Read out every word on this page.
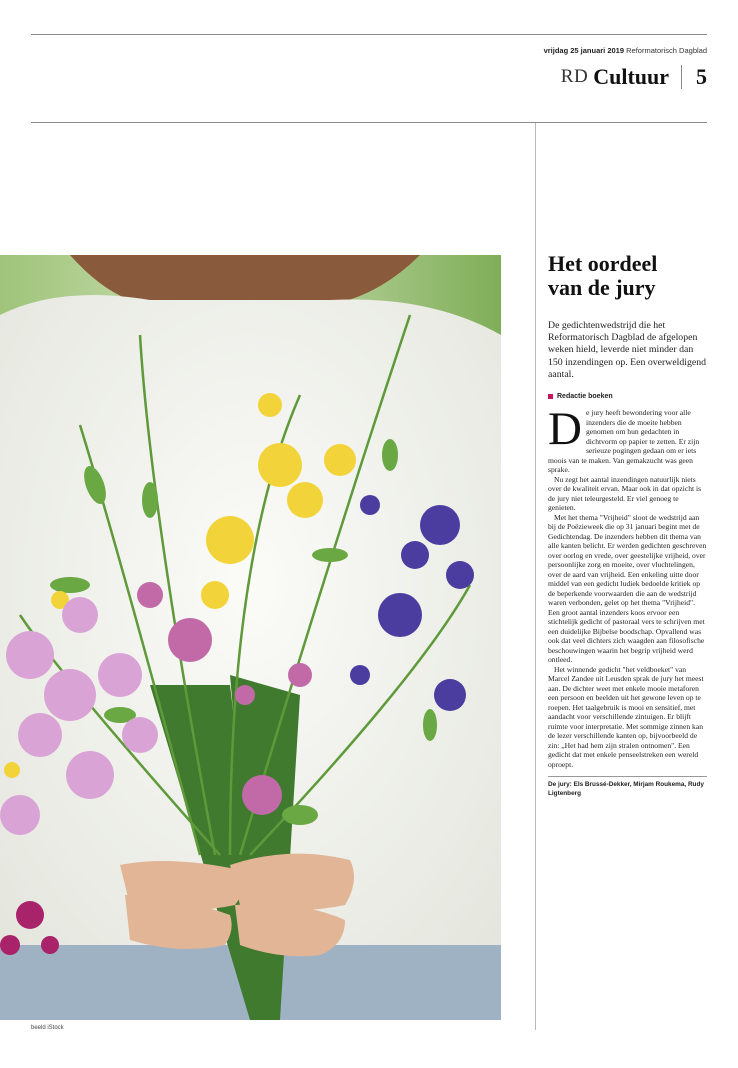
vrijdag 25 januari 2019 Reformatorisch Dagblad
RD Cultuur 5
beeld iStock
Het oordeel
van de jury

De gedichtenwedstrijd die het Reformatorisch Dagblad de afgelopen weken hield, leverde niet minder dan 150 inzendingen op. Een overweldigend aantal.

Redactie boeken

De jury heeft bewondering voor alle inzenders die de moeite hebben genomen om hun gedachten in dichtvorm op papier te zetten. Er zijn serieuze pogingen gedaan om er iets moois van te maken. Van gemakzucht was geen sprake.

Nu zegt het aantal inzendingen natuurlijk niets over de kwaliteit ervan. Maar ook in dat opzicht is de jury niet teleurgesteld. Er viel genoeg te genieten.

Met het thema "Vrijheid" sloot de wedstrijd aan bij de Poëzieweek die op 31 januari begint met de Gedichtendag. De inzenders hebben dit thema van alle kanten belicht. Er werden gedichten geschreven over oorlog en vrede, over geestelijke vrijheid, over persoonlijke zorg en moeite, over vluchtelingen, over de aard van vrijheid. Een enkeling uitte door middel van een gedicht ludiek bedoelde kritiek op de beperkende voorwaarden die aan de wedstrijd waren verbonden, gelet op het thema "Vrijheid". Een groot aantal inzenders koos ervoor een stichtelijk gedicht of pastoraal vers te schrijven met een duidelijke Bijbelse boodschap. Opvallend was ook dat veel dichters zich waagden aan filosofische beschouwingen waarin het begrip vrijheid werd ontleed.

Het winnende gedicht "het veldboeket" van Marcel Zandee uit Leusden sprak de jury het meest aan. De dichter weet met enkele mooie metaforen een persoon en beelden uit het gewone leven op te roepen. Het taalgebruik is mooi en sensitief, met aandacht voor verschillende zintuigen. Er blijft ruimte voor interpretatie. Met sommige zinnen kan de lezer verschillende kanten op, bijvoorbeeld de zin: „Het had hem zijn stralen ontnomen". Een gedicht dat met enkele penseelstreken een wereld oproept.

De jury: Els Brussé-Dekker, Mirjam Roukema, Rudy Ligtenberg
